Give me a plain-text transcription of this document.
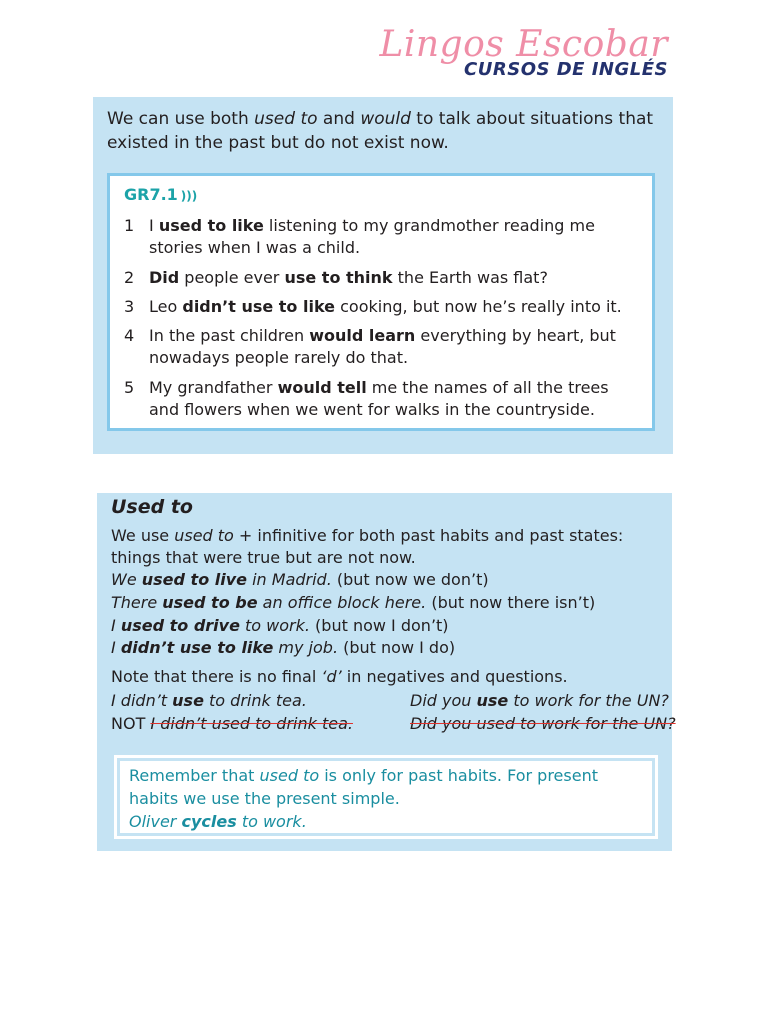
Lingos Escobar
CURSOS DE INGLÉS
We can use both used to and would to talk about situations that
existed in the past but do not exist now.
GR7.1 )))
1 I used to like listening to my grandmother reading me
stories when I was a child.
2 Did people ever use to think the Earth was flat?
3 Leo didn’t use to like cooking, but now he’s really into it.
4 In the past children would learn everything by heart, but
nowadays people rarely do that.
5 My grandfather would tell me the names of all the trees
and flowers when we went for walks in the countryside.
Used to
We use used to + infinitive for both past habits and past states:
things that were true but are not now.
We used to live in Madrid. (but now we don’t)
There used to be an office block here. (but now there isn’t)
I used to drive to work. (but now I don’t)
I didn’t use to like my job. (but now I do)
Note that there is no final ‘d’ in negatives and questions.
I didn’t use to drink tea.	Did you use to work for the UN?
NOT I didn’t used to drink tea.	Did you used to work for the UN?
Remember that used to is only for past habits. For present
habits we use the present simple.
Oliver cycles to work.
